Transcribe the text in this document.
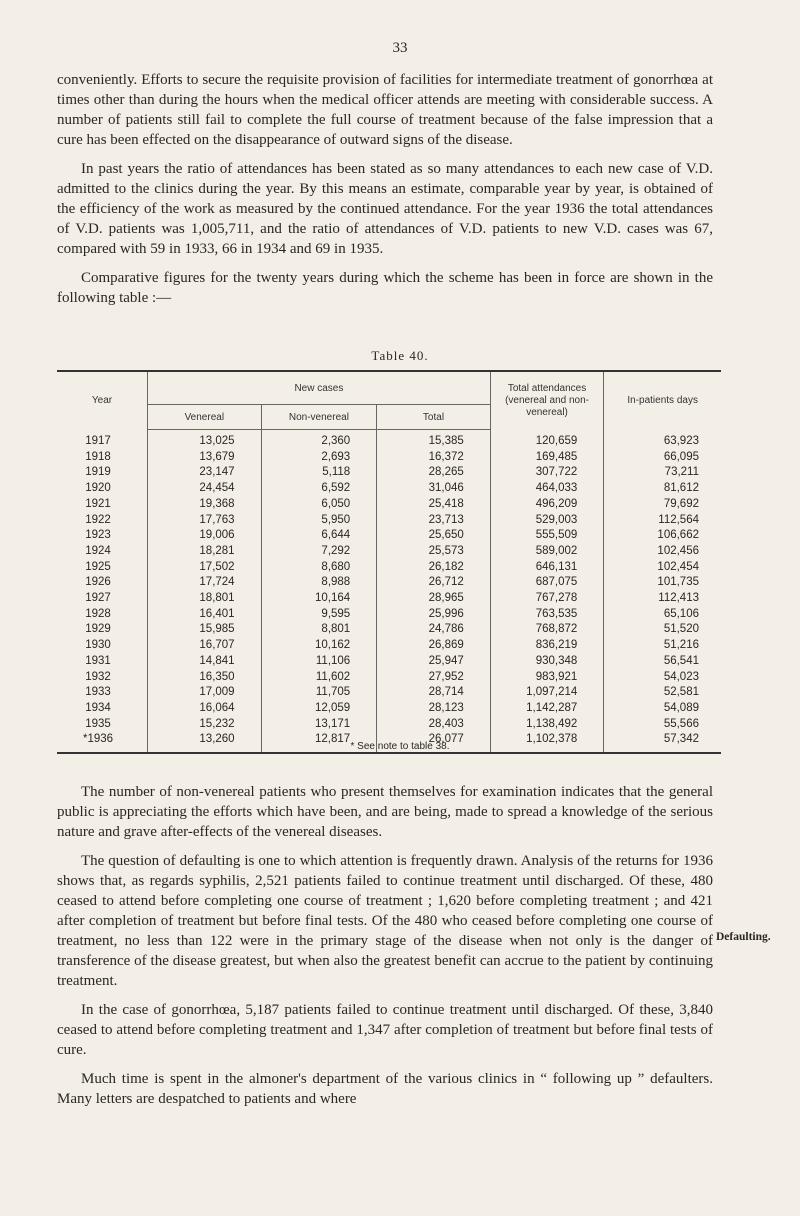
33

conveniently. Efforts to secure the requisite provision of facilities for intermediate treatment of gonorrhœa at times other than during the hours when the medical officer attends are meeting with considerable success. A number of patients still fail to complete the full course of treatment because of the false impression that a cure has been effected on the disappearance of outward signs of the disease.

In past years the ratio of attendances has been stated as so many attendances to each new case of V.D. admitted to the clinics during the year. By this means an estimate, comparable year by year, is obtained of the efficiency of the work as measured by the continued attendance. For the year 1936 the total attendances of V.D. patients was 1,005,711, and the ratio of attendances of V.D. patients to new V.D. cases was 67, compared with 59 in 1933, 66 in 1934 and 69 in 1935.

Comparative figures for the twenty years during which the scheme has been in force are shown in the following table :—

Table 40.
Year	New cases			Total attendances
(venereal and non-venereal)	In-patients days
	Venereal	Non-venereal	Total		
1917	13,025	2,360	15,385	120,659	63,923
1918	13,679	2,693	16,372	169,485	66,095
1919	23,147	5,118	28,265	307,722	73,211
1920	24,454	6,592	31,046	464,033	81,612
1921	19,368	6,050	25,418	496,209	79,692
1922	17,763	5,950	23,713	529,003	112,564
1923	19,006	6,644	25,650	555,509	106,662
1924	18,281	7,292	25,573	589,002	102,456
1925	17,502	8,680	26,182	646,131	102,454
1926	17,724	8,988	26,712	687,075	101,735
1927	18,801	10,164	28,965	767,278	112,413
1928	16,401	9,595	25,996	763,535	65,106
1929	15,985	8,801	24,786	768,872	51,520
1930	16,707	10,162	26,869	836,219	51,216
1931	14,841	11,106	25,947	930,348	56,541
1932	16,350	11,602	27,952	983,921	54,023
1933	17,009	11,705	28,714	1,097,214	52,581
1934	16,064	12,059	28,123	1,142,287	54,089
1935	15,232	13,171	28,403	1,138,492	55,566
*1936	13,260	12,817	26,077	1,102,378	57,342
* See note to table 38.

The number of non-venereal patients who present themselves for examination indicates that the general public is appreciating the efforts which have been, and are being, made to spread a knowledge of the serious nature and grave after-effects of the venereal diseases.

The question of defaulting is one to which attention is frequently drawn. Analysis of the returns for 1936 shows that, as regards syphilis, 2,521 patients failed to continue treatment until discharged. Of these, 480 ceased to attend before completing one course of treatment ; 1,620 before completing treatment ; and 421 after completion of treatment but before final tests. Of the 480 who ceased before completing one course of treatment, no less than 122 were in the primary stage of the disease when not only is the danger of transference of the disease greatest, but when also the greatest benefit can accrue to the patient by continuing treatment.

In the case of gonorrhœa, 5,187 patients failed to continue treatment until discharged. Of these, 3,840 ceased to attend before completing treatment and 1,347 after completion of treatment but before final tests of cure.

Much time is spent in the almoner's department of the various clinics in “ following up ” defaulters. Many letters are despatched to patients and where

Defaulting.
